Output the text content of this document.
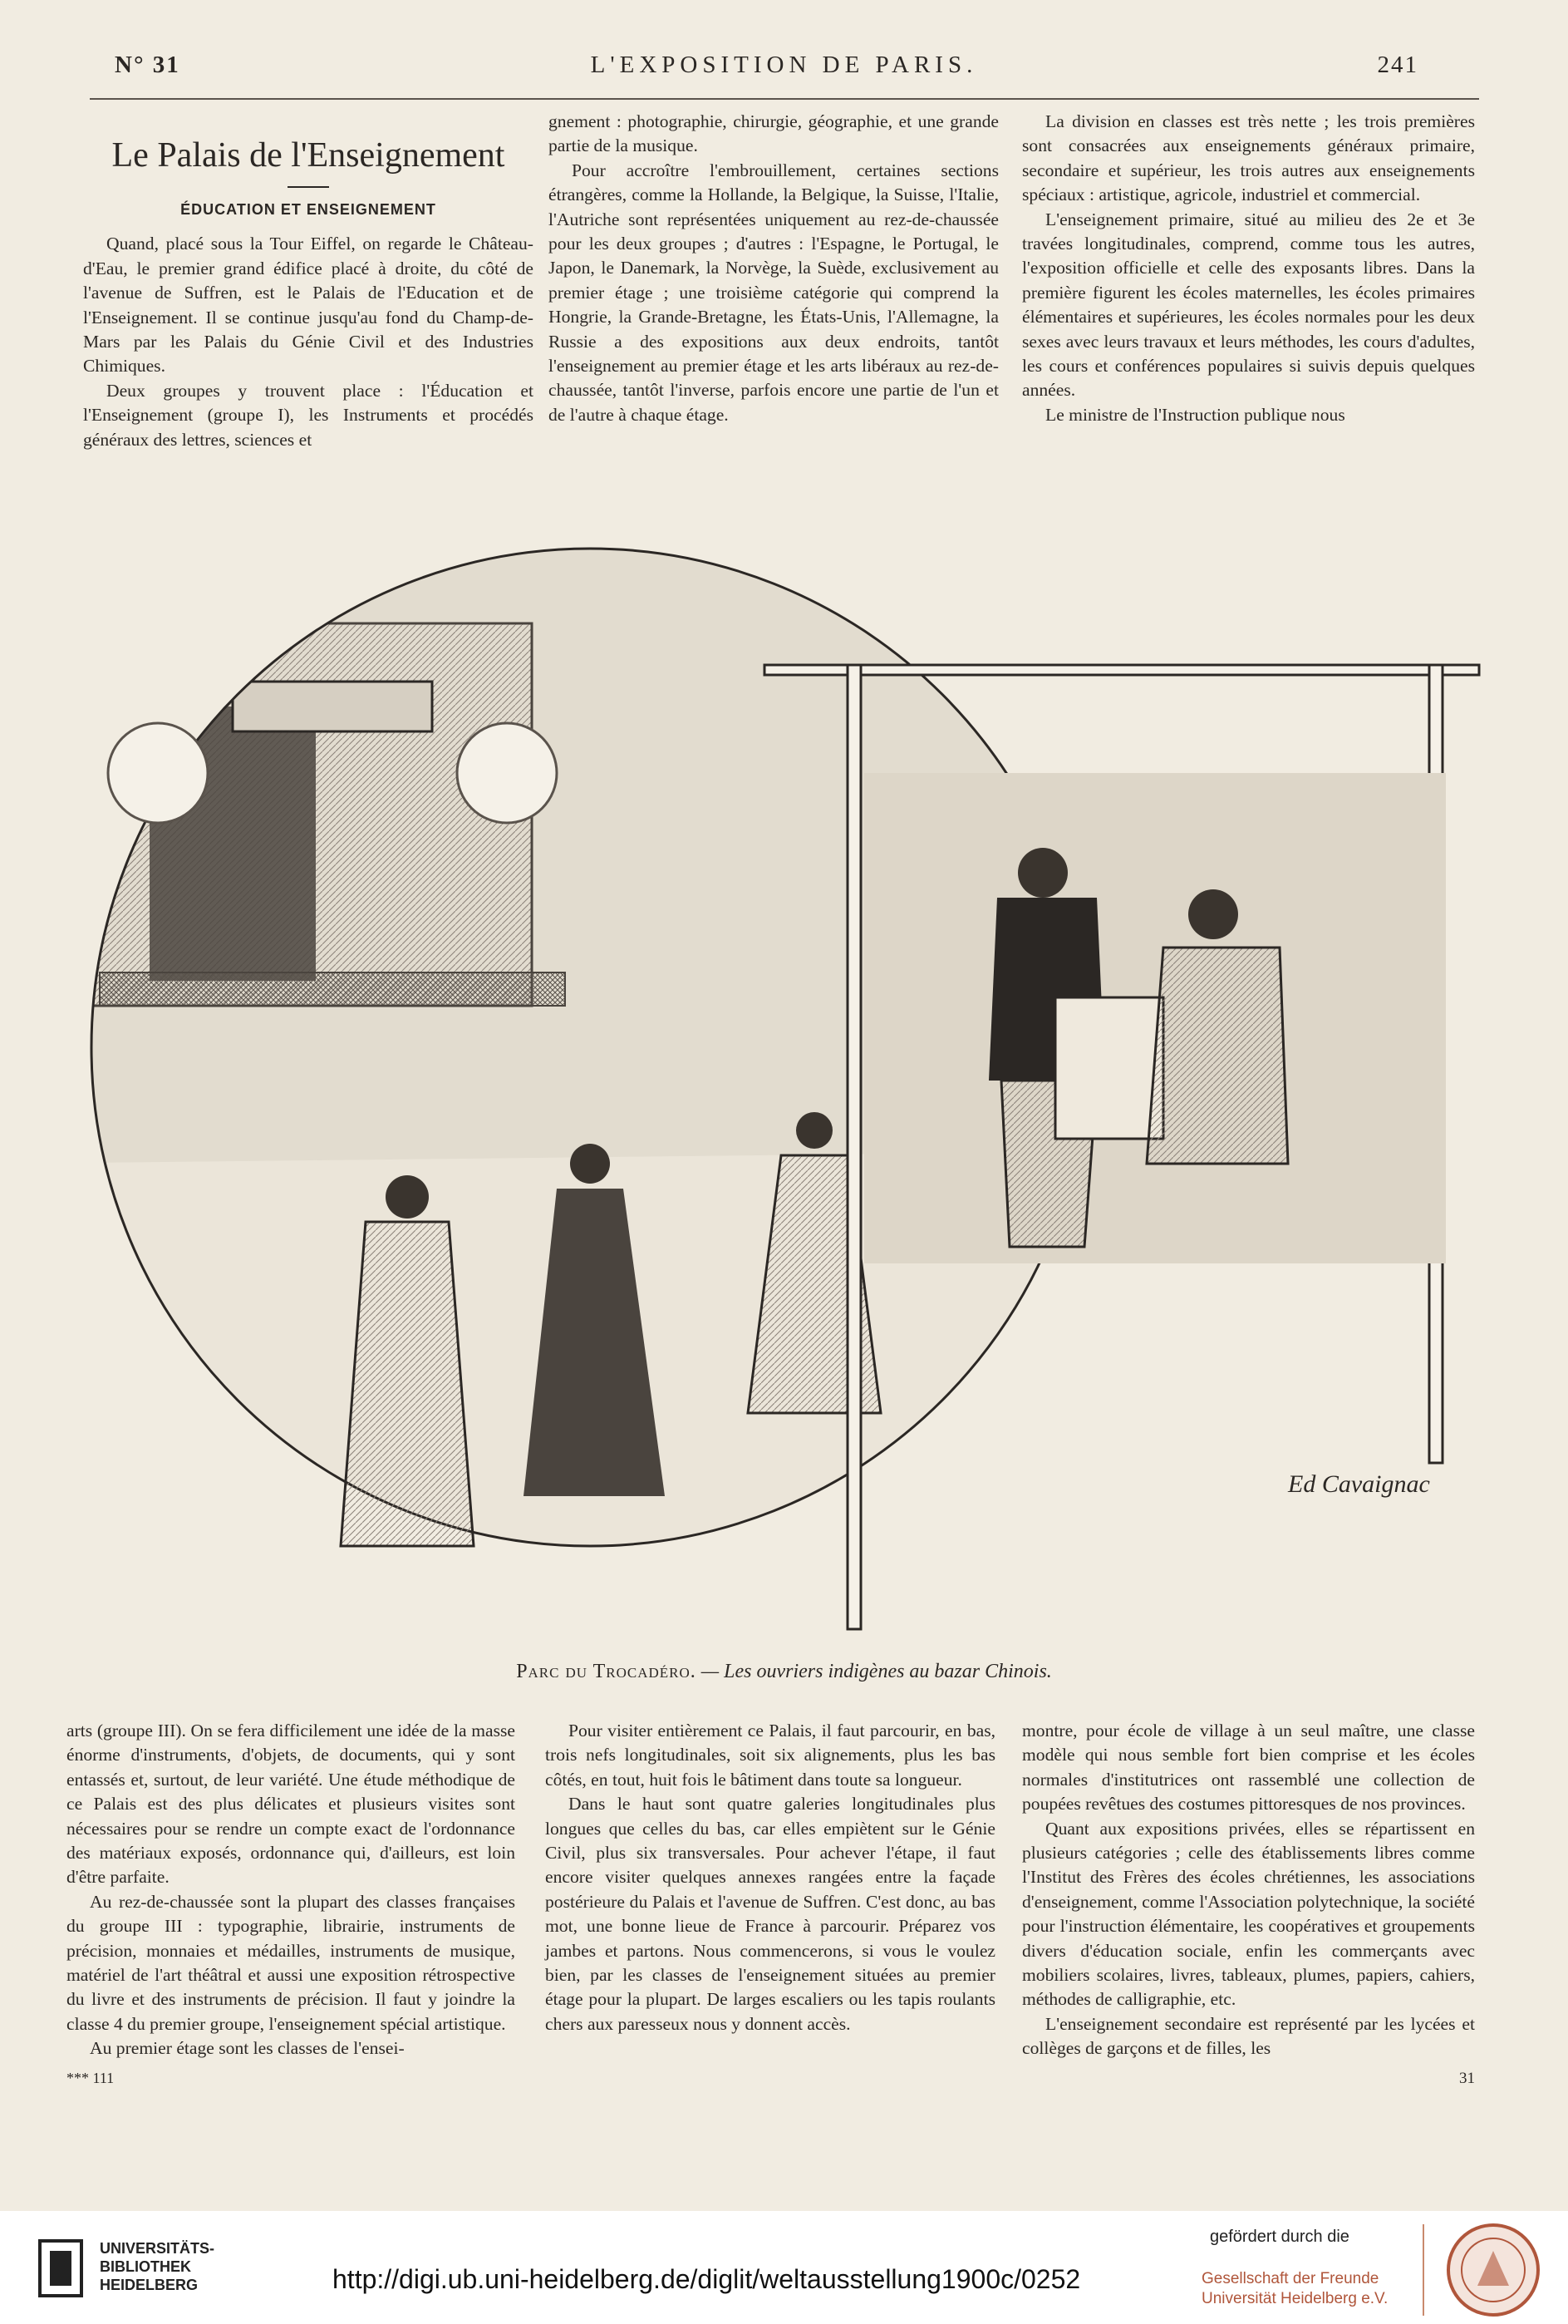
N° 31	L'EXPOSITION DE PARIS.	241
Le Palais de l'Enseignement
ÉDUCATION ET ENSEIGNEMENT

Quand, placé sous la Tour Eiffel, on regarde le Château-d'Eau, le premier grand édifice placé à droite, du côté de l'avenue de Suffren, est le Palais de l'Education et de l'Enseignement. Il se continue jusqu'au fond du Champ-de-Mars par les Palais du Génie Civil et des Industries Chimiques.

Deux groupes y trouvent place : l'Éducation et l'Enseignement (groupe I), les Instruments et procédés généraux des lettres, sciences et

gnement : photographie, chirurgie, géographie, et une grande partie de la musique.

Pour accroître l'embrouillement, certaines sections étrangères, comme la Hollande, la Belgique, la Suisse, l'Italie, l'Autriche sont représentées uniquement au rez-de-chaussée pour les deux groupes ; d'autres : l'Espagne, le Portugal, le Japon, le Danemark, la Norvège, la Suède, exclusivement au premier étage ; une troisième catégorie qui comprend la Hongrie, la Grande-Bretagne, les États-Unis, l'Allemagne, la Russie a des expositions aux deux endroits, tantôt l'enseignement au premier étage et les arts libéraux au rez-de-chaussée, tantôt l'inverse, parfois encore une partie de l'un et de l'autre à chaque étage.

La division en classes est très nette ; les trois premières sont consacrées aux enseignements généraux primaire, secondaire et supérieur, les trois autres aux enseignements spéciaux : artistique, agricole, industriel et commercial.

L'enseignement primaire, situé au milieu des 2e et 3e travées longitudinales, comprend, comme tous les autres, l'exposition officielle et celle des exposants libres. Dans la première figurent les écoles maternelles, les écoles primaires élémentaires et supérieures, les écoles normales pour les deux sexes avec leurs travaux et leurs méthodes, les cours d'adultes, les cours et conférences populaires si suivis depuis quelques années.

Le ministre de l'Instruction publique nous

Ed Cavaignac
Parc du Trocadéro. — Les ouvriers indigènes au bazar Chinois.

arts (groupe III). On se fera difficilement une idée de la masse énorme d'instruments, d'objets, de documents, qui y sont entassés et, surtout, de leur variété. Une étude méthodique de ce Palais est des plus délicates et plusieurs visites sont nécessaires pour se rendre un compte exact de l'ordonnance des matériaux exposés, ordonnance qui, d'ailleurs, est loin d'être parfaite.

Au rez-de-chaussée sont la plupart des classes françaises du groupe III : typographie, librairie, instruments de précision, monnaies et médailles, instruments de musique, matériel de l'art théâtral et aussi une exposition rétrospective du livre et des instruments de précision. Il faut y joindre la classe 4 du premier groupe, l'enseignement spécial artistique.

Au premier étage sont les classes de l'ensei-

*** 111

Pour visiter entièrement ce Palais, il faut parcourir, en bas, trois nefs longitudinales, soit six alignements, plus les bas côtés, en tout, huit fois le bâtiment dans toute sa longueur.

Dans le haut sont quatre galeries longitudinales plus longues que celles du bas, car elles empiètent sur le Génie Civil, plus six transversales. Pour achever l'étape, il faut encore visiter quelques annexes rangées entre la façade postérieure du Palais et l'avenue de Suffren. C'est donc, au bas mot, une bonne lieue de France à parcourir. Préparez vos jambes et partons. Nous commencerons, si vous le voulez bien, par les classes de l'enseignement situées au premier étage pour la plupart. De larges escaliers ou les tapis roulants chers aux paresseux nous y donnent accès.

montre, pour école de village à un seul maître, une classe modèle qui nous semble fort bien comprise et les écoles normales d'institutrices ont rassemblé une collection de poupées revêtues des costumes pittoresques de nos provinces.

Quant aux expositions privées, elles se répartissent en plusieurs catégories ; celle des établissements libres comme l'Institut des Frères des écoles chrétiennes, les associations d'enseignement, comme l'Association polytechnique, la société pour l'instruction élémentaire, les coopératives et groupements divers d'éducation sociale, enfin les commerçants avec mobiliers scolaires, livres, tableaux, plumes, papiers, cahiers, méthodes de calligraphie, etc.

L'enseignement secondaire est représenté par les lycées et collèges de garçons et de filles, les

31
UNIVERSITÄTS-
BIBLIOTHEK
HEIDELBERG	http://digi.ub.uni-heidelberg.de/diglit/weltausstellung1900c/0252
gefördert durch die
Gesellschaft der Freunde
Universität Heidelberg e.V.
